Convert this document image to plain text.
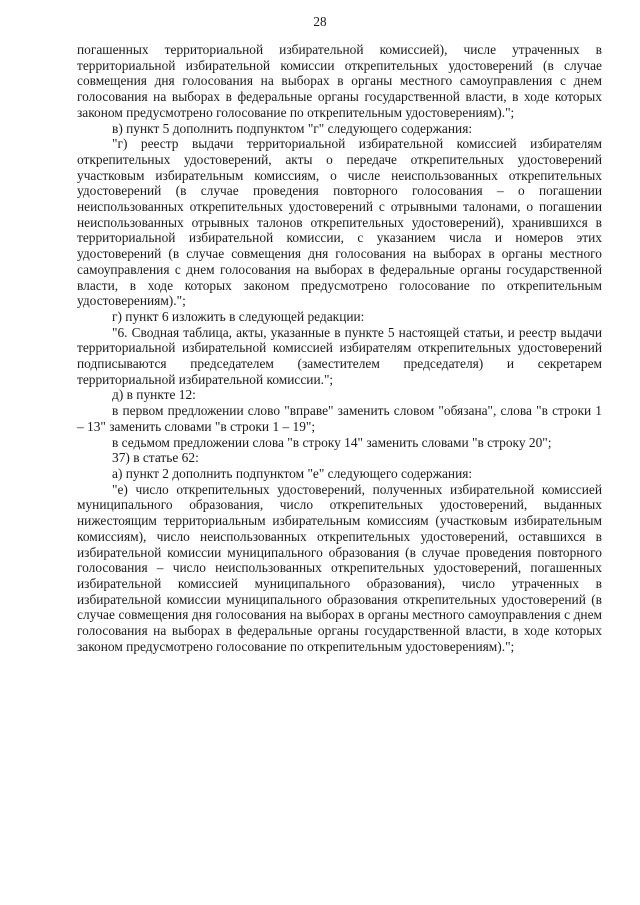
28

погашенных территориальной избирательной комиссией), числе утраченных в территориальной избирательной комиссии открепительных удостоверений (в случае совмещения дня голосования на выборах в органы местного самоуправления с днем голосования на выборах в федеральные органы государственной власти, в ходе которых законом предусмотрено голосование по открепительным удостоверениям).";

в) пункт 5 дополнить подпунктом "г" следующего содержания:

"г) реестр выдачи территориальной избирательной комиссией избирателям открепительных удостоверений, акты о передаче открепительных удостоверений участковым избирательным комиссиям, о числе неиспользованных открепительных удостоверений (в случае проведения повторного голосования – о погашении неиспользованных открепительных удостоверений с отрывными талонами, о погашении неиспользованных отрывных талонов открепительных удостоверений), хранившихся в территориальной избирательной комиссии, с указанием числа и номеров этих удостоверений (в случае совмещения дня голосования на выборах в органы местного самоуправления с днем голосования на выборах в федеральные органы государственной власти, в ходе которых законом предусмотрено голосование по открепительным удостоверениям).";

г) пункт 6 изложить в следующей редакции:

"6. Сводная таблица, акты, указанные в пункте 5 настоящей статьи, и реестр выдачи территориальной избирательной комиссией избирателям открепительных удостоверений подписываются председателем (заместителем председателя) и секретарем территориальной избирательной комиссии.";

д) в пункте 12:

в первом предложении слово "вправе" заменить словом "обязана", слова "в строки 1 – 13" заменить словами "в строки 1 – 19";

в седьмом предложении слова "в строку 14" заменить словами "в строку 20";

37) в статье 62:

а) пункт 2 дополнить подпунктом "е" следующего содержания:

"е) число открепительных удостоверений, полученных избирательной комиссией муниципального образования, число открепительных удостоверений, выданных нижестоящим территориальным избирательным комиссиям (участковым избирательным комиссиям), число неиспользованных открепительных удостоверений, оставшихся в избирательной комиссии муниципального образования (в случае проведения повторного голосования – число неиспользованных открепительных удостоверений, погашенных избирательной комиссией муниципального образования), число утраченных в избирательной комиссии муниципального образования открепительных удостоверений (в случае совмещения дня голосования на выборах в органы местного самоуправления с днем голосования на выборах в федеральные органы государственной власти, в ходе которых законом предусмотрено голосование по открепительным удостоверениям).";
